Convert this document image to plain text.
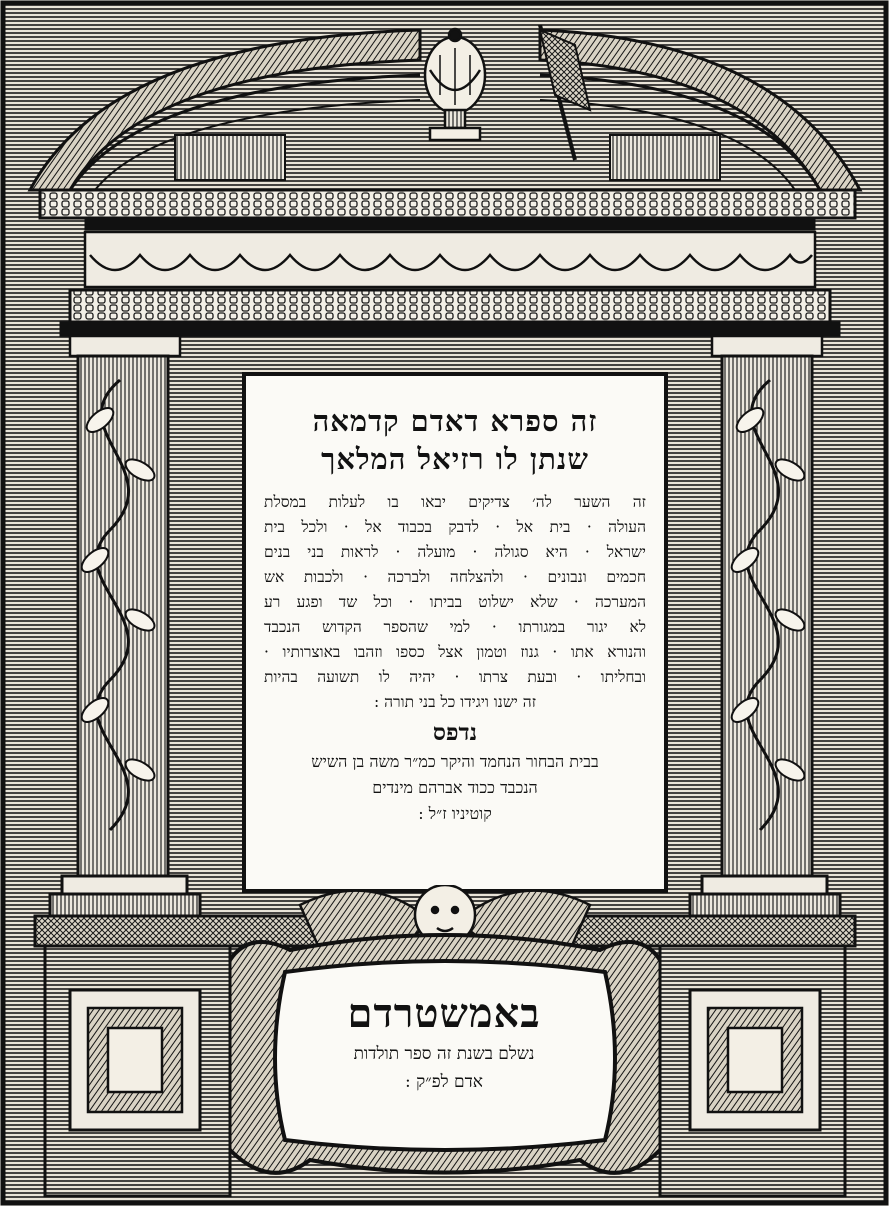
זה ספרא דאדם קדמאה
שנתן לו רזיאל המלאך
זה השער לה׳ צדיקים יבאו בו לעלות במסלת
העולה · בית אל · לדבק בכבוד אל · ולכל בית
ישראל · היא סגולה · מועלה · לראות בני בנים
חכמים ונבונים · ולהצלחה ולברכה · ולכבות אש
המערכה · שלא ישלוט בביתו · וכל שד ופגע רע
לא יגור במגורתו · למי שהספר הקדוש הנכבד
והנורא אתו · גנוז וטמון אצל כספו וזהבו באוצרותיו ·
ובחליתו · ובעת צרתו · יהיה לו תשועה בהיות
זה ישנו ויגידו כל בני תורה :
נדפס
בבית הבחור הנחמד והיקר כמ״ר משה בן השיש
הנכבד ככוד אברהם מינדים
קוטיניו ז״ל :
באמשטרדם
נשלם בשנת זה ספר תולדות
אדם לפ״ק :
